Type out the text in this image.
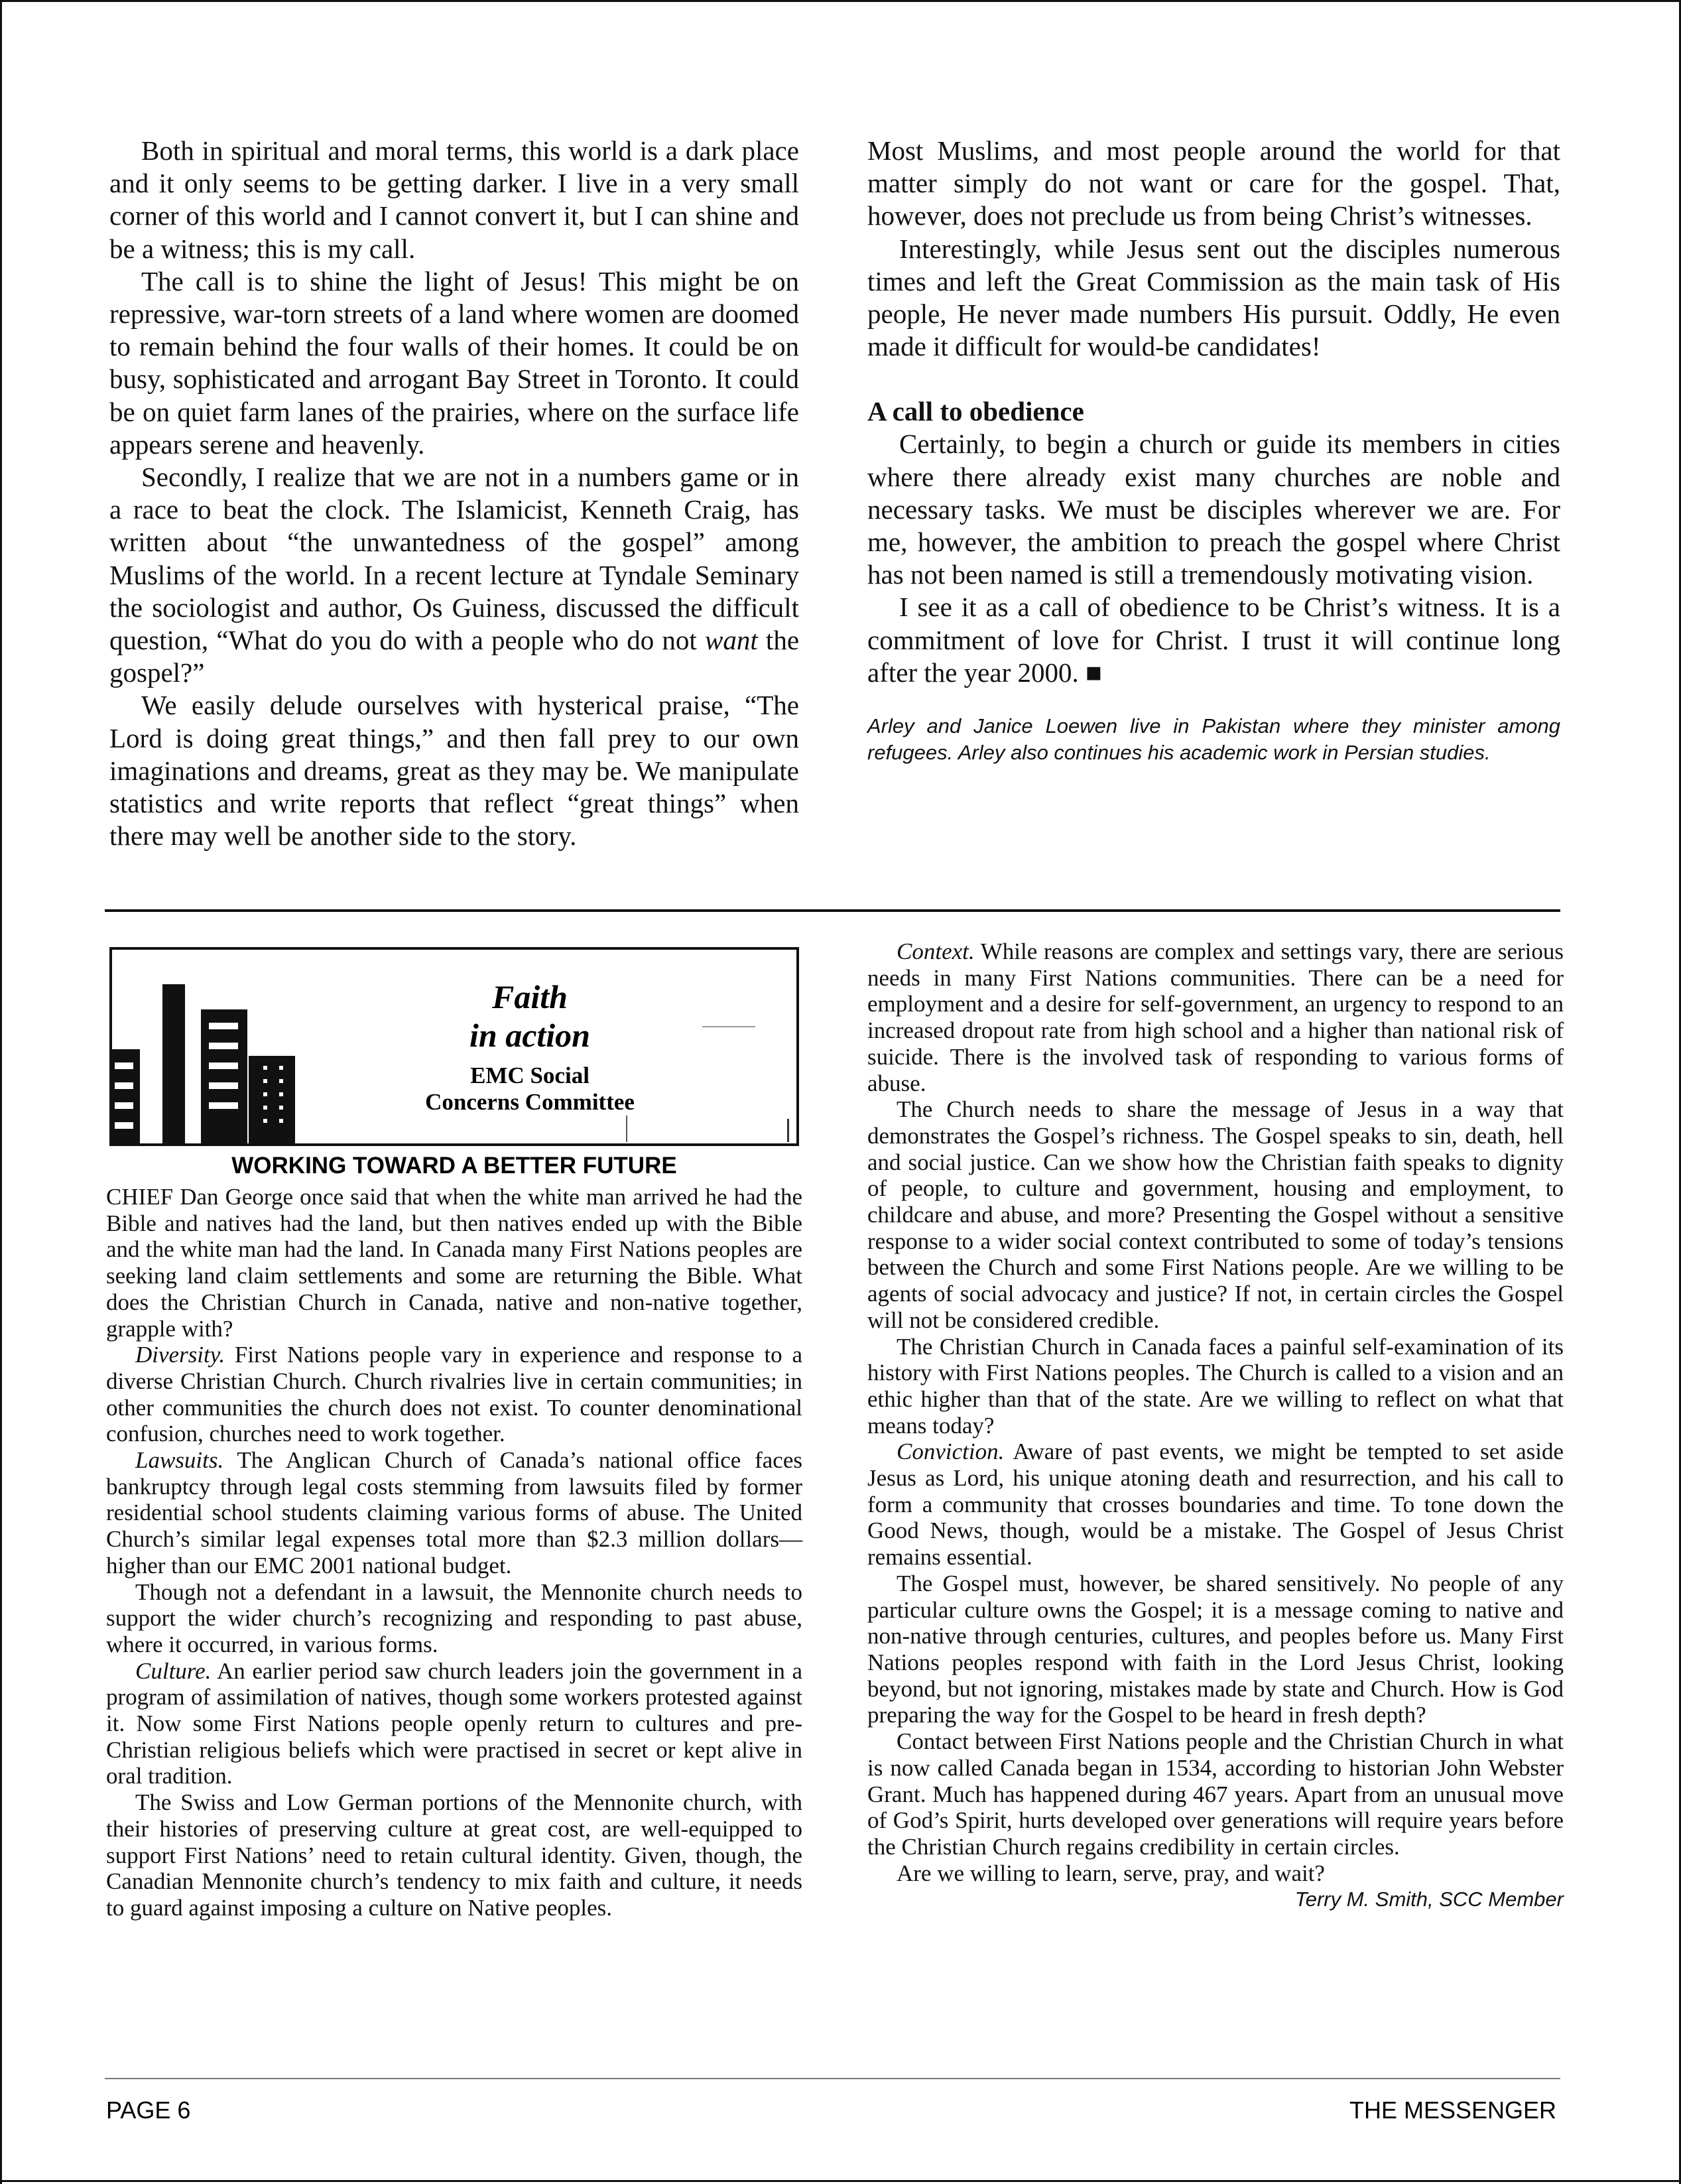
Both in spiritual and moral terms, this world is a dark place and it only seems to be getting darker. I live in a very small corner of this world and I cannot convert it, but I can shine and be a witness; this is my call.

The call is to shine the light of Jesus! This might be on repressive, war-torn streets of a land where women are doomed to remain behind the four walls of their homes. It could be on busy, sophisticated and arrogant Bay Street in Toronto. It could be on quiet farm lanes of the prairies, where on the surface life appears serene and heavenly.

Secondly, I realize that we are not in a numbers game or in a race to beat the clock. The Islamicist, Kenneth Craig, has written about “the unwantedness of the gospel” among Muslims of the world. In a recent lecture at Tyndale Seminary the sociologist and author, Os Guiness, discussed the difficult question, “What do you do with a people who do not want the gospel?”

We easily delude ourselves with hysterical praise, “The Lord is doing great things,” and then fall prey to our own imaginations and dreams, great as they may be. We manipulate statistics and write reports that reflect “great things” when there may well be another side to the story.

Most Muslims, and most people around the world for that matter simply do not want or care for the gospel. That, however, does not preclude us from being Christ’s witnesses.

Interestingly, while Jesus sent out the disciples numerous times and left the Great Commission as the main task of His people, He never made numbers His pursuit. Oddly, He even made it difficult for would-be candidates!

A call to obedience

Certainly, to begin a church or guide its members in cities where there already exist many churches are noble and necessary tasks. We must be disciples wherever we are. For me, however, the ambition to preach the gospel where Christ has not been named is still a tremendously motivating vision.

I see it as a call of obedience to be Christ’s witness. It is a commitment of love for Christ. I trust it will continue long after the year 2000. ■

Arley and Janice Loewen live in Pakistan where they minister among refugees. Arley also continues his academic work in Persian studies.
Faith
in action
EMC Social
Concerns Committee
WORKING TOWARD A BETTER FUTURE

CHIEF Dan George once said that when the white man arrived he had the Bible and natives had the land, but then natives ended up with the Bible and the white man had the land. In Canada many First Nations peoples are seeking land claim settlements and some are returning the Bible. What does the Christian Church in Canada, native and non-native together, grapple with?

Diversity. First Nations people vary in experience and response to a diverse Christian Church. Church rivalries live in certain communities; in other communities the church does not exist. To counter denominational confusion, churches need to work together.

Lawsuits. The Anglican Church of Canada’s national office faces bankruptcy through legal costs stemming from lawsuits filed by former residential school students claiming various forms of abuse. The United Church’s similar legal expenses total more than $2.3 million dollars—higher than our EMC 2001 national budget.

Though not a defendant in a lawsuit, the Mennonite church needs to support the wider church’s recognizing and responding to past abuse, where it occurred, in various forms.

Culture. An earlier period saw church leaders join the government in a program of assimilation of natives, though some workers protested against it. Now some First Nations people openly return to cultures and pre-Christian religious beliefs which were practised in secret or kept alive in oral tradition.

The Swiss and Low German portions of the Mennonite church, with their histories of preserving culture at great cost, are well-equipped to support First Nations’ need to retain cultural identity. Given, though, the Canadian Mennonite church’s tendency to mix faith and culture, it needs to guard against imposing a culture on Native peoples.

Context. While reasons are complex and settings vary, there are serious needs in many First Nations communities. There can be a need for employment and a desire for self-government, an urgency to respond to an increased dropout rate from high school and a higher than national risk of suicide. There is the involved task of responding to various forms of abuse.

The Church needs to share the message of Jesus in a way that demonstrates the Gospel’s richness. The Gospel speaks to sin, death, hell and social justice. Can we show how the Christian faith speaks to dignity of people, to culture and government, housing and employment, to childcare and abuse, and more? Presenting the Gospel without a sensitive response to a wider social context contributed to some of today’s tensions between the Church and some First Nations people. Are we willing to be agents of social advocacy and justice? If not, in certain circles the Gospel will not be considered credible.

The Christian Church in Canada faces a painful self-examination of its history with First Nations peoples. The Church is called to a vision and an ethic higher than that of the state. Are we willing to reflect on what that means today?

Conviction. Aware of past events, we might be tempted to set aside Jesus as Lord, his unique atoning death and resurrection, and his call to form a community that crosses boundaries and time. To tone down the Good News, though, would be a mistake. The Gospel of Jesus Christ remains essential.

The Gospel must, however, be shared sensitively. No people of any particular culture owns the Gospel; it is a message coming to native and non-native through centuries, cultures, and peoples before us. Many First Nations peoples respond with faith in the Lord Jesus Christ, looking beyond, but not ignoring, mistakes made by state and Church. How is God preparing the way for the Gospel to be heard in fresh depth?

Contact between First Nations people and the Christian Church in what is now called Canada began in 1534, according to historian John Webster Grant. Much has happened during 467 years. Apart from an unusual move of God’s Spirit, hurts developed over generations will require years before the Christian Church regains credibility in certain circles.

Are we willing to learn, serve, pray, and wait?

Terry M. Smith, SCC Member
PAGE 6	THE MESSENGER
